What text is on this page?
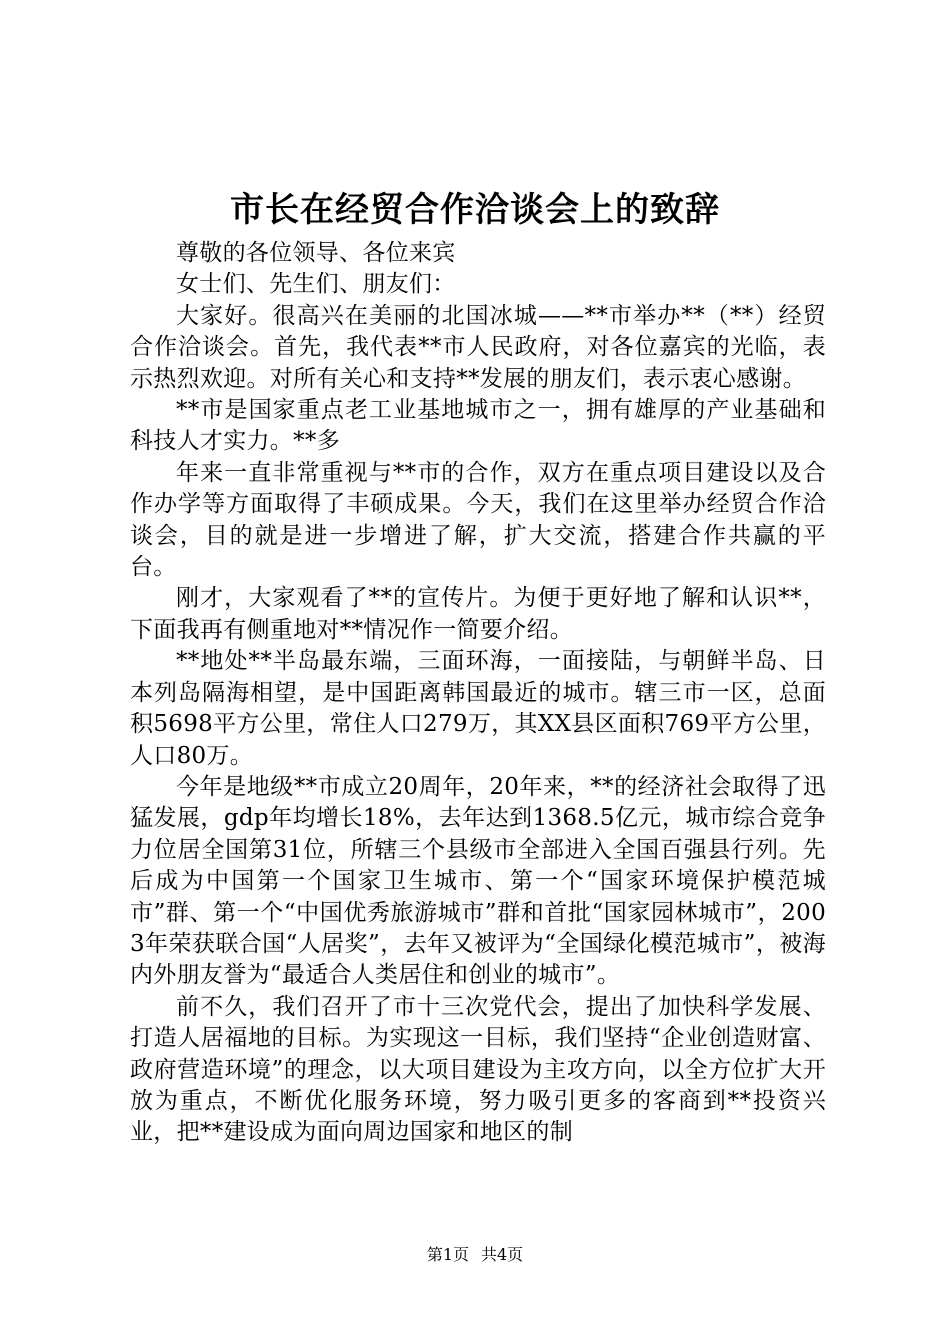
市长在经贸合作洽谈会上的致辞

尊敬的各位领导、各位来宾

女士们、先生们、朋友们：

大家好。很高兴在美丽的北国冰城——**市举办**（**）经贸合作洽谈会。首先，我代表**市人民政府，对各位嘉宾的光临，表示热烈欢迎。对所有关心和支持**发展的朋友们，表示衷心感谢。

**市是国家重点老工业基地城市之一，拥有雄厚的产业基础和科技人才实力。**多

年来一直非常重视与**市的合作，双方在重点项目建设以及合作办学等方面取得了丰硕成果。今天，我们在这里举办经贸合作洽谈会，目的就是进一步增进了解，扩大交流，搭建合作共赢的平台。

刚才，大家观看了**的宣传片。为便于更好地了解和认识**，下面我再有侧重地对**情况作一简要介绍。

**地处**半岛最东端，三面环海，一面接陆，与朝鲜半岛、日本列岛隔海相望，是中国距离韩国最近的城市。辖三市一区，总面积5698平方公里，常住人口279万，其XX县区面积769平方公里，人口80万。

今年是地级**市成立20周年，20年来，**的经济社会取得了迅猛发展，gdp年均增长18%，去年达到1368.5亿元，城市综合竞争力位居全国第31位，所辖三个县级市全部进入全国百强县行列。先后成为中国第一个国家卫生城市、第一个“国家环境保护模范城市”群、第一个“中国优秀旅游城市”群和首批“国家园林城市”，2003年荣获联合国“人居奖”，去年又被评为“全国绿化模范城市”，被海内外朋友誉为“最适合人类居住和创业的城市”。

前不久，我们召开了市十三次党代会，提出了加快科学发展、打造人居福地的目标。为实现这一目标，我们坚持“企业创造财富、政府营造环境”的理念，以大项目建设为主攻方向，以全方位扩大开放为重点，不断优化服务环境，努力吸引更多的客商到**投资兴业，把**建设成为面向周边国家和地区的制

第1页 共4页
